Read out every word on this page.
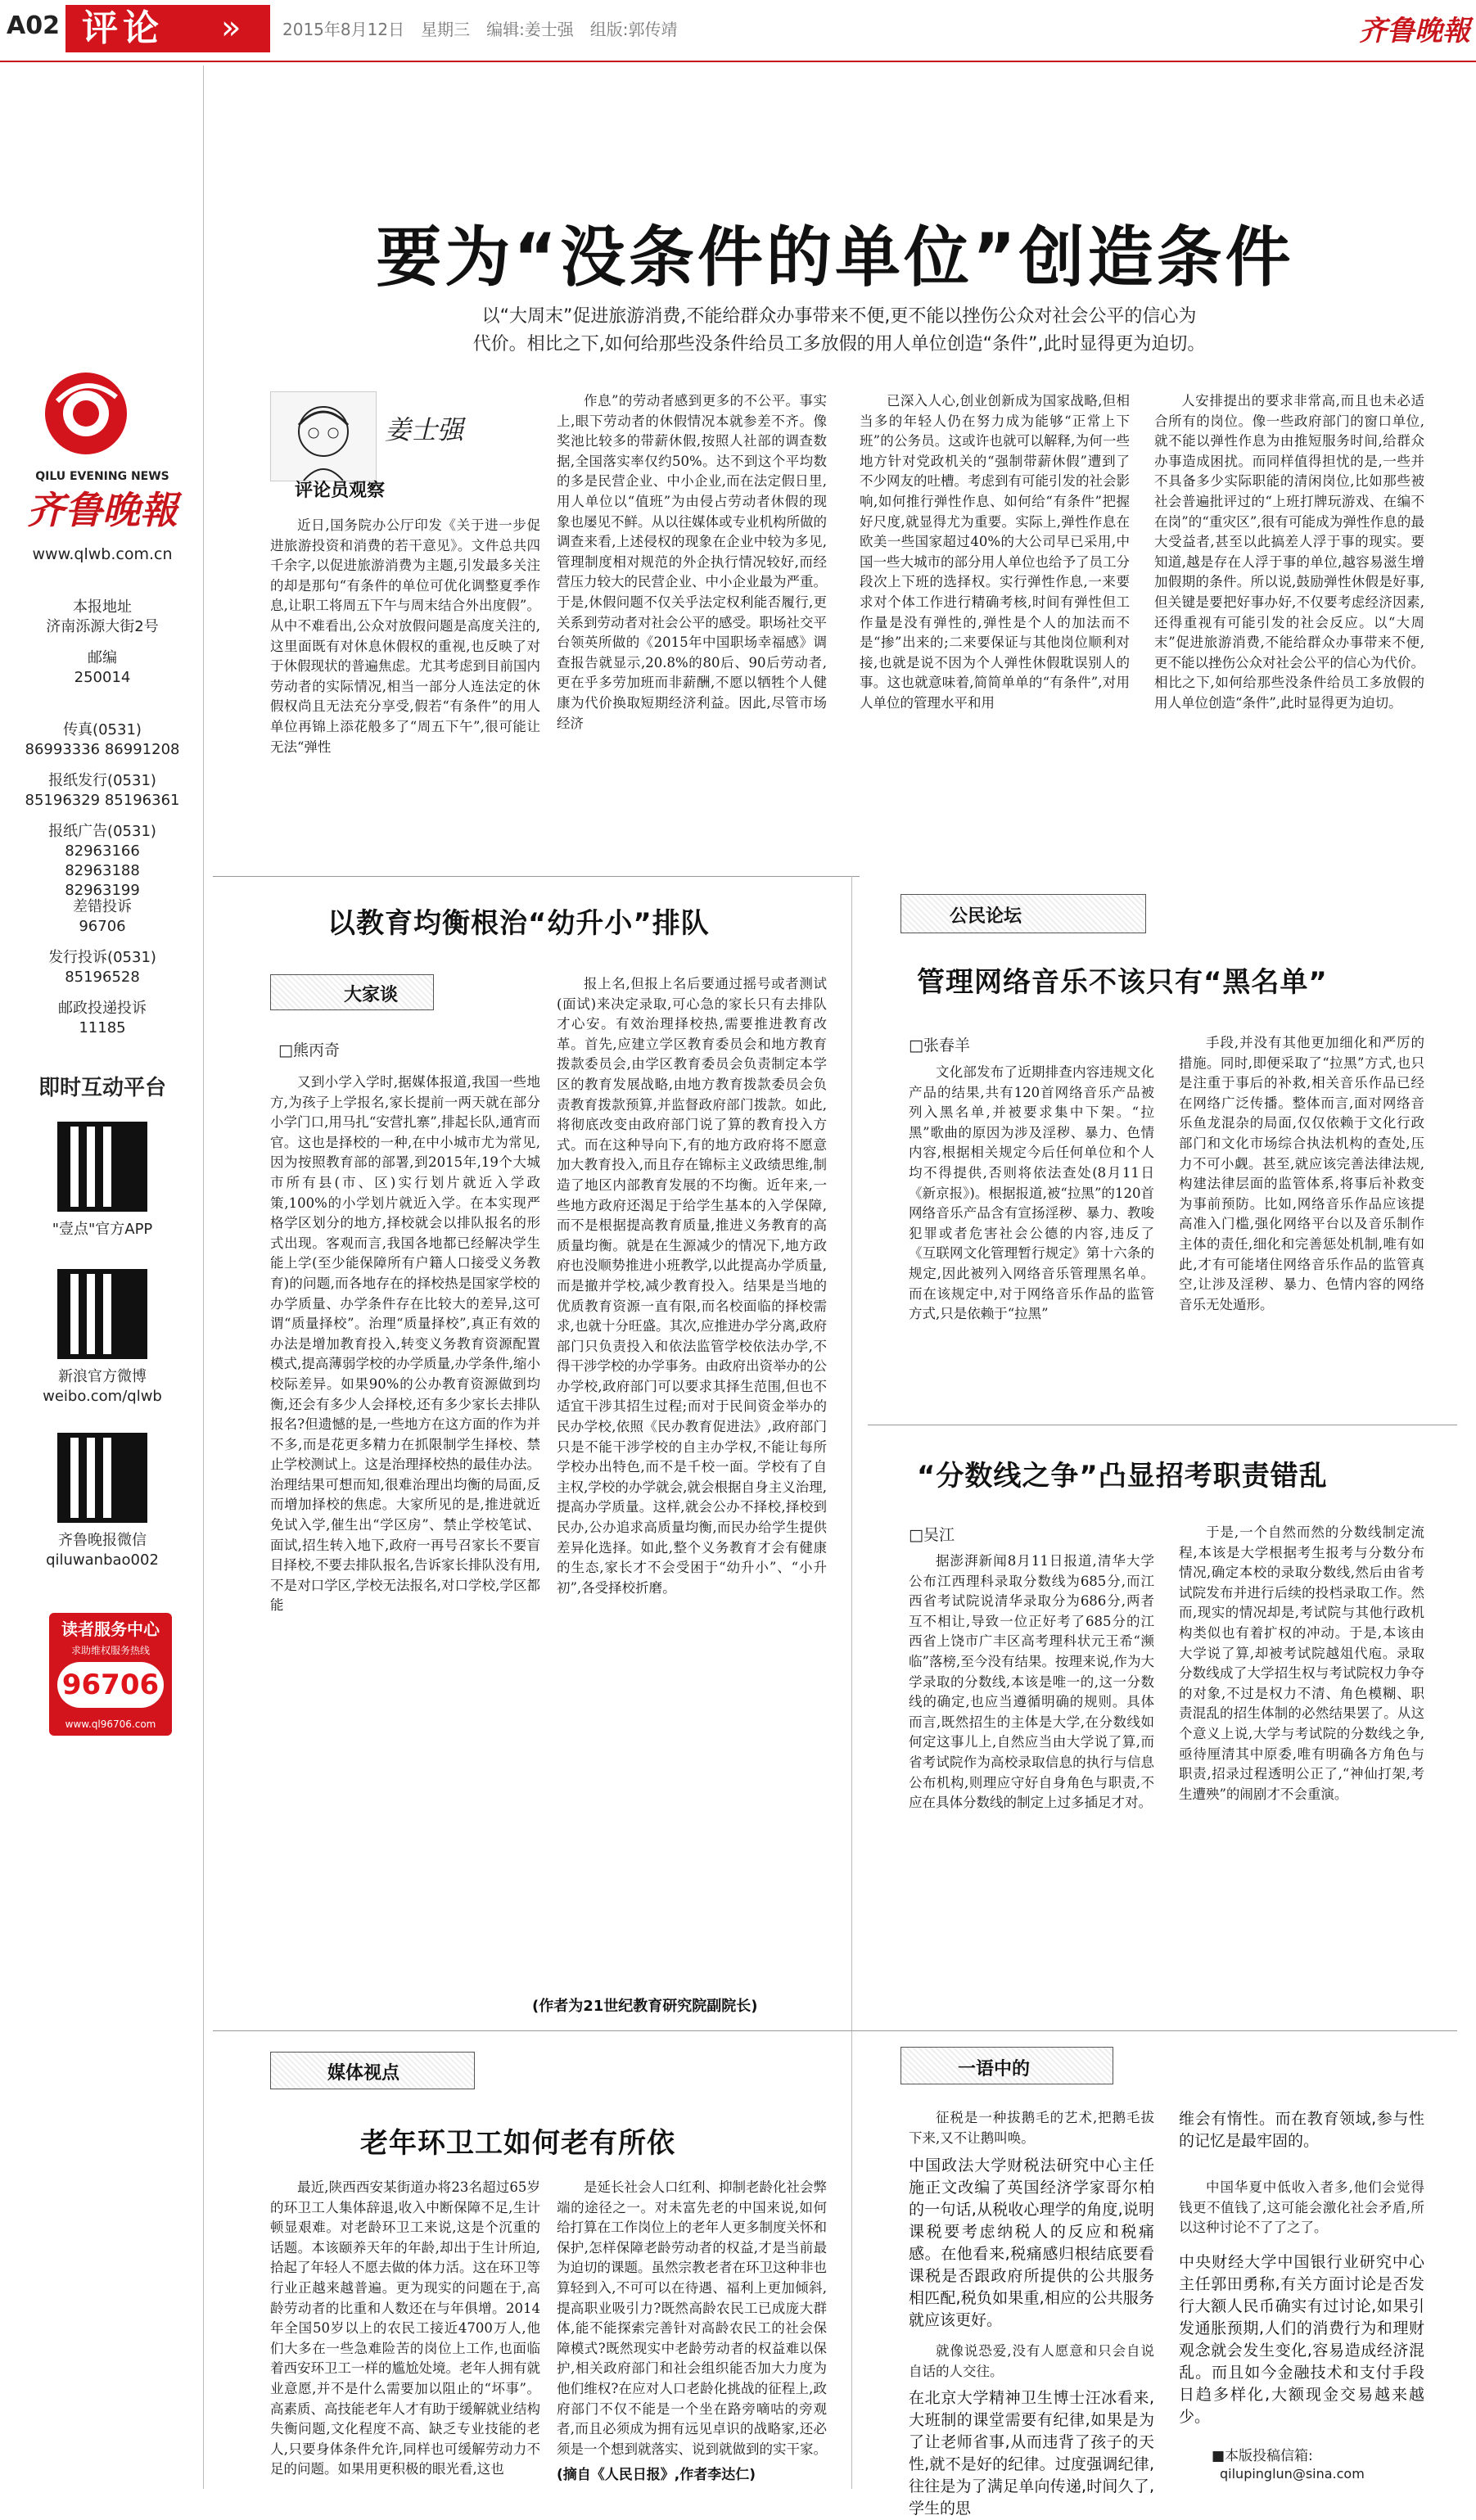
A02 评论 »	2015年8月12日　星期三　编辑:姜士强　组版:郭传靖	齐鲁晚報
QILU EVENING NEWS
齐鲁晚報
www.qlwb.com.cn
本报地址
济南泺源大街2号
邮编
250014
传真(0531)
86993336 86991208
报纸发行(0531)
85196329 85196361
报纸广告(0531)
82963166 82963188 82963199
差错投诉
96706
发行投诉(0531)
85196528
邮政投递投诉
11185
即时互动平台
"壹点"官方APP
新浪官方微博
weibo.com/qlwb
齐鲁晚报微信
qiluwanbao002
读者服务中心
求助维权服务热线
96706
www.ql96706.com
要为“没条件的单位”创造条件
以“大周末”促进旅游消费,不能给群众办事带来不便,更不能以挫伤公众对社会公平的信心为
代价。相比之下,如何给那些没条件给员工多放假的用人单位创造“条件”,此时显得更为迫切。
姜士强
评论员观察

近日,国务院办公厅印发《关于进一步促进旅游投资和消费的若干意见》。文件总共四千余字,以促进旅游消费为主题,引发最多关注的却是那句“有条件的单位可优化调整夏季作息,让职工将周五下午与周末结合外出度假”。从中不难看出,公众对放假问题是高度关注的,这里面既有对休息休假权的重视,也反映了对于休假现状的普遍焦虑。尤其考虑到目前国内劳动者的实际情况,相当一部分人连法定的休假权尚且无法充分享受,假若“有条件”的用人单位再锦上添花般多了“周五下午”,很可能让无法“弹性

作息”的劳动者感到更多的不公平。事实上,眼下劳动者的休假情况本就参差不齐。像奖池比较多的带薪休假,按照人社部的调查数据,全国落实率仅约50%。达不到这个平均数的多是民营企业、中小企业,而在法定假日里,用人单位以“值班”为由侵占劳动者休假的现象也屡见不鲜。从以往媒体或专业机构所做的调查来看,上述侵权的现象在企业中较为多见,管理制度相对规范的外企执行情况较好,而经营压力较大的民营企业、中小企业最为严重。于是,休假问题不仅关乎法定权利能否履行,更关系到劳动者对社会公平的感受。职场社交平台领英所做的《2015年中国职场幸福感》调查报告就显示,20.8%的80后、90后劳动者,更在乎多劳加班而非薪酬,不愿以牺牲个人健康为代价换取短期经济利益。因此,尽管市场经济

已深入人心,创业创新成为国家战略,但相当多的年轻人仍在努力成为能够“正常上下班”的公务员。这或许也就可以解释,为何一些地方针对党政机关的“强制带薪休假”遭到了不少网友的吐槽。考虑到有可能引发的社会影响,如何推行弹性作息、如何给“有条件”把握好尺度,就显得尤为重要。实际上,弹性作息在欧美一些国家超过40%的大公司早已采用,中国一些大城市的部分用人单位也给予了员工分段次上下班的选择权。实行弹性作息,一来要求对个体工作进行精确考核,时间有弹性但工作量是没有弹性的,弹性是个人的加法而不是“掺”出来的;二来要保证与其他岗位顺利对接,也就是说不因为个人弹性休假耽误别人的事。这也就意味着,简简单单的“有条件”,对用人单位的管理水平和用

人安排提出的要求非常高,而且也未必适合所有的岗位。像一些政府部门的窗口单位,就不能以弹性作息为由推短服务时间,给群众办事造成困扰。而同样值得担忧的是,一些并不具备多少实际职能的清闲岗位,比如那些被社会普遍批评过的“上班打牌玩游戏、在编不在岗”的“重灾区”,很有可能成为弹性作息的最大受益者,甚至以此搞差人浮于事的现实。要知道,越是存在人浮于事的单位,越容易滋生增加假期的条件。所以说,鼓励弹性休假是好事,但关键是要把好事办好,不仅要考虑经济因素,还得重视有可能引发的社会反应。以“大周末”促进旅游消费,不能给群众办事带来不便,更不能以挫伤公众对社会公平的信心为代价。相比之下,如何给那些没条件给员工多放假的用人单位创造“条件”,此时显得更为迫切。

以教育均衡根治“幼升小”排队
大家谈
□熊丙奇

又到小学入学时,据媒体报道,我国一些地方,为孩子上学报名,家长提前一两天就在部分小学门口,用马扎“安营扎寨”,排起长队,通宵而官。这也是择校的一种,在中小城市尤为常见,因为按照教育部的部署,到2015年,19个大城市所有县(市、区)实行划片就近入学政策,100%的小学划片就近入学。在本实现严格学区划分的地方,择校就会以排队报名的形式出现。客观而言,我国各地都已经解决学生能上学(至少能保障所有户籍人口接受义务教育)的问题,而各地存在的择校热是国家学校的办学质量、办学条件存在比较大的差异,这可谓“质量择校”。治理“质量择校”,真正有效的办法是增加教育投入,转变义务教育资源配置模式,提高薄弱学校的办学质量,办学条件,缩小校际差异。如果90%的公办教育资源做到均衡,还会有多少人会择校,还有多少家长去排队报名?但遗憾的是,一些地方在这方面的作为并不多,而是花更多精力在抓限制学生择校、禁止学校测试上。这是治理择校热的最佳办法。治理结果可想而知,很难治理出均衡的局面,反而增加择校的焦虑。大家所见的是,推进就近免试入学,催生出“学区房”、禁止学校笔试、面试,招生转入地下,政府一再号召家长不要盲目择校,不要去排队报名,告诉家长排队没有用,不是对口学区,学校无法报名,对口学校,学区都能

报上名,但报上名后要通过摇号或者测试(面试)来决定录取,可心急的家长只有去排队才心安。有效治理择校热,需要推进教育改革。首先,应建立学区教育委员会和地方教育拨款委员会,由学区教育委员会负责制定本学区的教育发展战略,由地方教育拨款委员会负责教育拨款预算,并监督政府部门拨款。如此,将彻底改变由政府部门说了算的教育投入方式。而在这种导向下,有的地方政府将不愿意加大教育投入,而且存在锦标主义政绩思维,制造了地区内部教育发展的不均衡。近年来,一些地方政府还渴足于给学生基本的入学保障,而不是根据提高教育质量,推进义务教育的高质量均衡。就是在生源减少的情况下,地方政府也没顺势推进小班教学,以此提高办学质量,而是撤并学校,减少教育投入。结果是当地的优质教育资源一直有限,而名校面临的择校需求,也就十分旺盛。其次,应推进办学分离,政府部门只负责投入和依法监管学校依法办学,不得干涉学校的办学事务。由政府出资举办的公办学校,政府部门可以要求其择生范围,但也不适宜干涉其招生过程;而对于民间资金举办的民办学校,依照《民办教育促进法》,政府部门只是不能干涉学校的自主办学权,不能让每所学校办出特色,而不是千校一面。学校有了自主权,学校的办学就会,就会根据自身主义治理,提高办学质量。这样,就会公办不择校,择校到民办,公办追求高质量均衡,而民办给学生提供差异化选择。如此,整个义务教育才会有健康的生态,家长才不会受困于“幼升小”、“小升初”,各受择校折磨。

(作者为21世纪教育研究院副院长)
公民论坛
管理网络音乐不该只有“黑名单”
□张春羊

文化部发布了近期排查内容违规文化产品的结果,共有120首网络音乐产品被列入黑名单,并被要求集中下架。“拉黑”歌曲的原因为涉及淫秽、暴力、色情内容,根据相关规定今后任何单位和个人均不得提供,否则将依法查处(8月11日《新京报》)。根据报道,被“拉黑”的120首网络音乐产品含有宣扬淫秽、暴力、教唆犯罪或者危害社会公德的内容,违反了《互联网文化管理暂行规定》第十六条的规定,因此被列入网络音乐管理黑名单。而在该规定中,对于网络音乐作品的监管方式,只是依赖于“拉黑”

手段,并没有其他更加细化和严厉的措施。同时,即便采取了“拉黑”方式,也只是注重于事后的补救,相关音乐作品已经在网络广泛传播。整体而言,面对网络音乐鱼龙混杂的局面,仅仅依赖于文化行政部门和文化市场综合执法机构的查处,压力不可小觑。甚至,就应该完善法律法规,构建法律层面的监管体系,将事后补救变为事前预防。比如,网络音乐作品应该提高准入门槛,强化网络平台以及音乐制作主体的责任,细化和完善惩处机制,唯有如此,才有可能堵住网络音乐作品的监管真空,让涉及淫秽、暴力、色情内容的网络音乐无处遁形。

“分数线之争”凸显招考职责错乱
□吴江

据澎湃新闻8月11日报道,清华大学公布江西理科录取分数线为685分,而江西省考试院说清华录取分为686分,两者互不相让,导致一位正好考了685分的江西省上饶市广丰区高考理科状元王希“濒临”落榜,至今没有结果。按理来说,作为大学录取的分数线,本该是唯一的,这一分数线的确定,也应当遵循明确的规则。具体而言,既然招生的主体是大学,在分数线如何定这事儿上,自然应当由大学说了算,而省考试院作为高校录取信息的执行与信息公布机构,则理应守好自身角色与职责,不应在具体分数线的制定上过多插足才对。

于是,一个自然而然的分数线制定流程,本该是大学根据考生报考与分数分布情况,确定本校的录取分数线,然后由省考试院发布并进行后续的投档录取工作。然而,现实的情况却是,考试院与其他行政机构类似也有着扩权的冲动。于是,本该由大学说了算,却被考试院越俎代庖。录取分数线成了大学招生权与考试院权力争夺的对象,不过是权力不清、角色模糊、职责混乱的招生体制的必然结果罢了。从这个意义上说,大学与考试院的分数线之争,亟待厘清其中原委,唯有明确各方角色与职责,招录过程透明公正了,“神仙打架,考生遭殃”的闹剧才不会重演。

媒体视点
老年环卫工如何老有所依

最近,陕西西安某街道办将23名超过65岁的环卫工人集体辞退,收入中断保障不足,生计顿显艰难。对老龄环卫工来说,这是个沉重的话题。本该颐养天年的年龄,却出于生计所迫,拾起了年轻人不愿去做的体力活。这在环卫等行业正越来越普遍。更为现实的问题在于,高龄劳动者的比重和人数还在与年俱增。2014年全国50岁以上的农民工接近4700万人,他们大多在一些急难险苦的岗位上工作,也面临着西安环卫工一样的尴尬处境。老年人拥有就业意愿,并不是什么需要加以阻止的“坏事”。高素质、高技能老年人才有助于缓解就业结构失衡问题,文化程度不高、缺乏专业技能的老人,只要身体条件允许,同样也可缓解劳动力不足的问题。如果用更积极的眼光看,这也

是延长社会人口红利、抑制老龄化社会弊端的途径之一。对未富先老的中国来说,如何给打算在工作岗位上的老年人更多制度关怀和保护,怎样保障老龄劳动者的权益,才是当前最为迫切的课题。虽然宗教老者在环卫这种非也算轻到入,不可可以在待遇、福利上更加倾斜,提高职业吸引力?既然高龄农民工已成庞大群体,能不能探索完善针对高龄农民工的社会保障模式?既然现实中老龄劳动者的权益难以保护,相关政府部门和社会组织能否加大力度为他们维权?在应对人口老龄化挑战的征程上,政府部门不仅不能是一个坐在路旁嘀咕的旁观者,而且必须成为拥有远见卓识的战略家,还必须是一个想到就落实、说到就做到的实干家。

(摘自《人民日报》,作者李达仁)
一语中的

征税是一种拔鹅毛的艺术,把鹅毛拔下来,又不让鹅叫唤。

中国政法大学财税法研究中心主任施正文改编了英国经济学家哥尔柏的一句话,从税收心理学的角度,说明课税要考虑纳税人的反应和税痛感。在他看来,税痛感归根结底要看课税是否跟政府所提供的公共服务相匹配,税负如果重,相应的公共服务就应该更好。

就像说恐爱,没有人愿意和只会自说自话的人交往。

在北京大学精神卫生博士汪冰看来,大班制的课堂需要有纪律,如果是为了让老师省事,从而违背了孩子的天性,就不是好的纪律。过度强调纪律,往往是为了满足单向传递,时间久了,学生的思
维会有惰性。而在教育领域,参与性的记忆是最牢固的。

中国华夏中低收入者多,他们会觉得钱更不值钱了,这可能会激化社会矛盾,所以这种讨论不了了之了。

中央财经大学中国银行业研究中心主任郭田勇称,有关方面讨论是否发行大额人民币确实有过讨论,如果引发通胀预期,人们的消费行为和理财观念就会发生变化,容易造成经济混乱。而且如今金融技术和支付手段日趋多样化,大额现金交易越来越少。
■本版投稿信箱:
qilupinglun@sina.com
